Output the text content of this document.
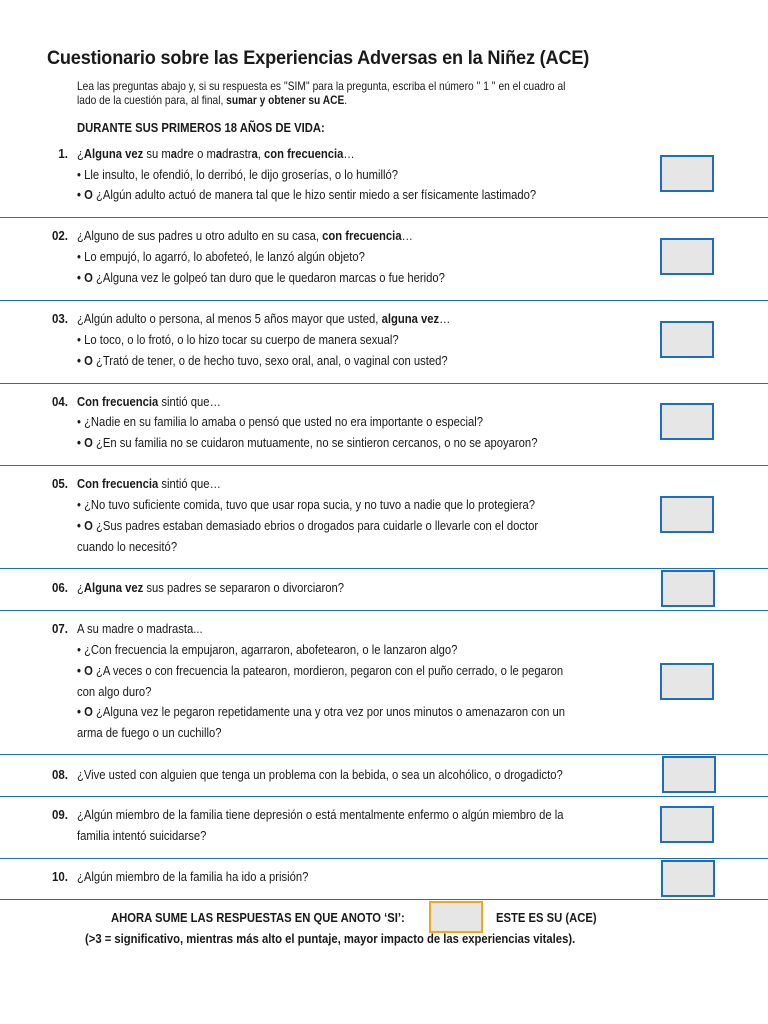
Cuestionario sobre las Experiencias Adversas en la Niñez (ACE)
Lea las preguntas abajo y, si su respuesta es ''SIM'' para la pregunta, escriba el número '' 1 '' en el cuadro al
lado de la cuestión para, al final, sumar y obtener su ACE.
DURANTE SUS PRIMEROS 18 AÑOS DE VIDA:
1. ¿Alguna vez su madre o madrastra, con frecuencia…
• Lle insulto, le ofendió, lo derribó, le dijo groserías, o lo humilló?
• O ¿Algún adulto actuó de manera tal que le hizo sentir miedo a ser físicamente lastimado?
02. ¿Alguno de sus padres u otro adulto en su casa, con frecuencia…
• Lo empujó, lo agarró, lo abofeteó, le lanzó algún objeto?
• O ¿Alguna vez le golpeó tan duro que le quedaron marcas o fue herido?
03. ¿Algún adulto o persona, al menos 5 años mayor que usted, alguna vez…
• Lo toco, o lo frotó, o lo hizo tocar su cuerpo de manera sexual?
• O ¿Trató de tener, o de hecho tuvo, sexo oral, anal, o vaginal con usted?
04. Con frecuencia sintió que…
• ¿Nadie en su familia lo amaba o pensó que usted no era importante o especial?
• O ¿En su familia no se cuidaron mutuamente, no se sintieron cercanos, o no se apoyaron?
05. Con frecuencia sintió que…
• ¿No tuvo suficiente comida, tuvo que usar ropa sucia, y no tuvo a nadie que lo protegiera?
• O ¿Sus padres estaban demasiado ebrios o drogados para cuidarle o llevarle con el doctor
cuando lo necesitó?
06. ¿Alguna vez sus padres se separaron o divorciaron?
07. A su madre o madrasta...
• ¿Con frecuencia la empujaron, agarraron, abofetearon, o le lanzaron algo?
• O ¿A veces o con frecuencia la patearon, mordieron, pegaron con el puño cerrado, o le pegaron
con algo duro?
• O ¿Alguna vez le pegaron repetidamente una y otra vez por unos minutos o amenazaron con un
arma de fuego o un cuchillo?
08. ¿Vive usted con alguien que tenga un problema con la bebida, o sea un alcohólico, o drogadicto?
09. ¿Algún miembro de la familia tiene depresión o está mentalmente enfermo o algún miembro de la
familia intentó suicidarse?
10. ¿Algún miembro de la familia ha ido a prisión?
AHORA SUME LAS RESPUESTAS EN QUE ANOTO ‘SI’:	ESTE ES SU (ACE)
(>3 = significativo, mientras más alto el puntaje, mayor impacto de las experiencias vitales).
